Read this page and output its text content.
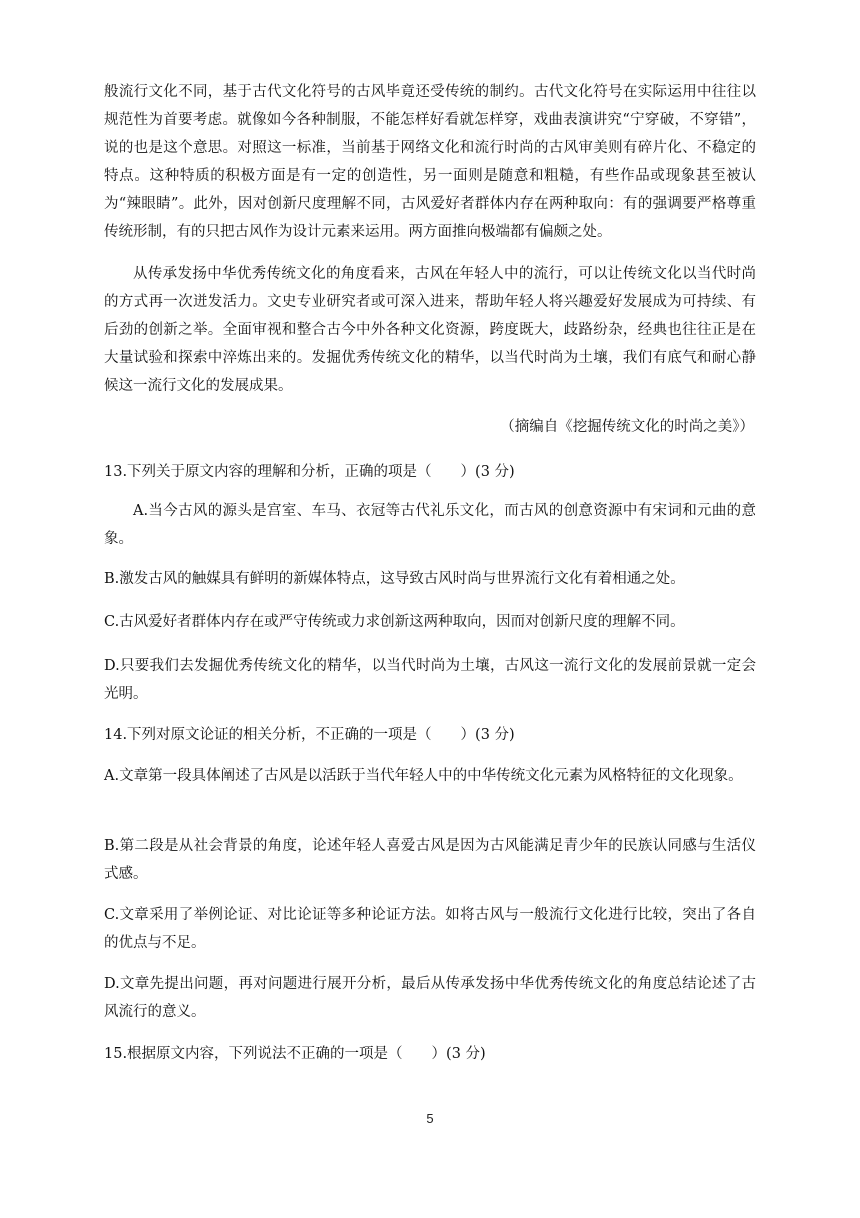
般流行文化不同，基于古代文化符号的古风毕竟还受传统的制约。古代文化符号在实际运用中往往以规范性为首要考虑。就像如今各种制服，不能怎样好看就怎样穿，戏曲表演讲究“宁穿破，不穿错”，说的也是这个意思。对照这一标准，当前基于网络文化和流行时尚的古风审美则有碎片化、不稳定的特点。这种特质的积极方面是有一定的创造性，另一面则是随意和粗糙，有些作品或现象甚至被认为“辣眼睛”。此外，因对创新尺度理解不同，古风爱好者群体内存在两种取向：有的强调要严格尊重传统形制，有的只把古风作为设计元素来运用。两方面推向极端都有偏颇之处。
从传承发扬中华优秀传统文化的角度看来，古风在年轻人中的流行，可以让传统文化以当代时尚的方式再一次迸发活力。文史专业研究者或可深入进来，帮助年轻人将兴趣爱好发展成为可持续、有后劲的创新之举。全面审视和整合古今中外各种文化资源，跨度既大，歧路纷杂，经典也往往正是在大量试验和探索中淬炼出来的。发掘优秀传统文化的精华，以当代时尚为土壤，我们有底气和耐心静候这一流行文化的发展成果。
（摘编自《挖掘传统文化的时尚之美》）
13.下列关于原文内容的理解和分析，正确的项是（　　）(3 分)
A.当今古风的源头是宫室、车马、衣冠等古代礼乐文化，而古风的创意资源中有宋词和元曲的意象。
B.激发古风的触媒具有鲜明的新媒体特点，这导致古风时尚与世界流行文化有着相通之处。
C.古风爱好者群体内存在或严守传统或力求创新这两种取向，因而对创新尺度的理解不同。
D.只要我们去发掘优秀传统文化的精华，以当代时尚为土壤，古风这一流行文化的发展前景就一定会光明。
14.下列对原文论证的相关分析，不正确的一项是（　　）(3 分)
A.文章第一段具体阐述了古风是以活跃于当代年轻人中的中华传统文化元素为风格特征的文化现象。
B.第二段是从社会背景的角度，论述年轻人喜爱古风是因为古风能满足青少年的民族认同感与生活仪式感。
C.文章采用了举例论证、对比论证等多种论证方法。如将古风与一般流行文化进行比较，突出了各自的优点与不足。
D.文章先提出问题，再对问题进行展开分析，最后从传承发扬中华优秀传统文化的角度总结论述了古风流行的意义。
15.根据原文内容，下列说法不正确的一项是（　　）(3 分)
5
